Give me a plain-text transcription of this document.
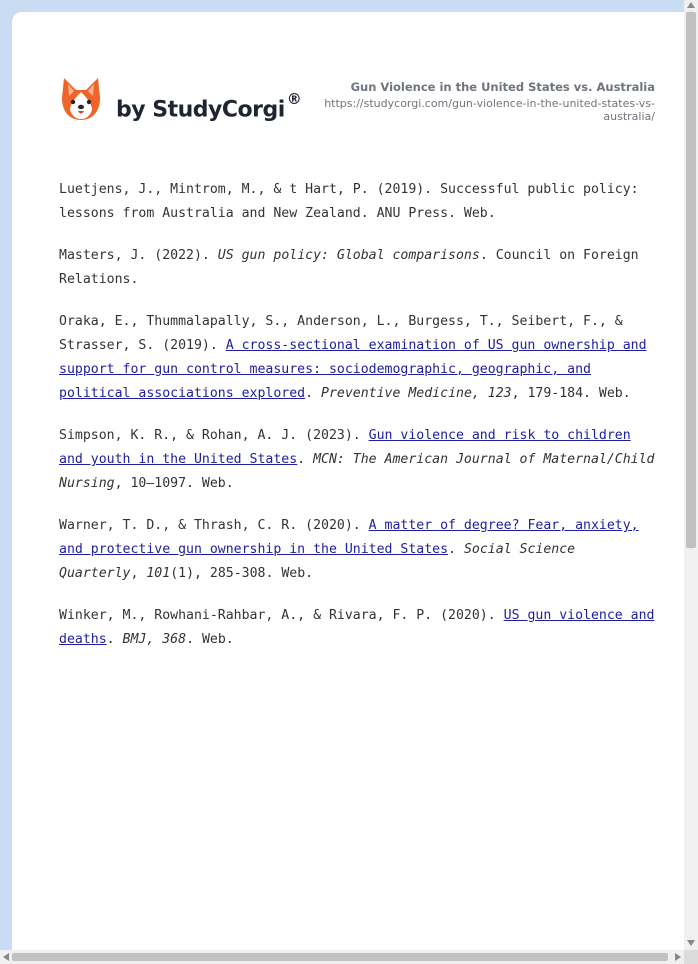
by StudyCorgi ®
Gun Violence in the United States vs. Australia
https://studycorgi.com/gun-violence-in-the-united-states-vs-australia/

Luetjens, J., Mintrom, M., & t Hart, P. (2019). Successful public policy: lessons from Australia and New Zealand. ANU Press. Web.

Masters, J. (2022). US gun policy: Global comparisons. Council on Foreign Relations.

Oraka, E., Thummalapally, S., Anderson, L., Burgess, T., Seibert, F., & Strasser, S. (2019). A cross-sectional examination of US gun ownership and support for gun control measures: sociodemographic, geographic, and political associations explored. Preventive Medicine, 123, 179-184. Web.

Simpson, K. R., & Rohan, A. J. (2023). Gun violence and risk to children and youth in the United States. MCN: The American Journal of Maternal/Child Nursing, 10–1097. Web.

Warner, T. D., & Thrash, C. R. (2020). A matter of degree? Fear, anxiety, and protective gun ownership in the United States. Social Science Quarterly, 101(1), 285-308. Web.

Winker, M., Rowhani-Rahbar, A., & Rivara, F. P. (2020). US gun violence and deaths. BMJ, 368. Web.
